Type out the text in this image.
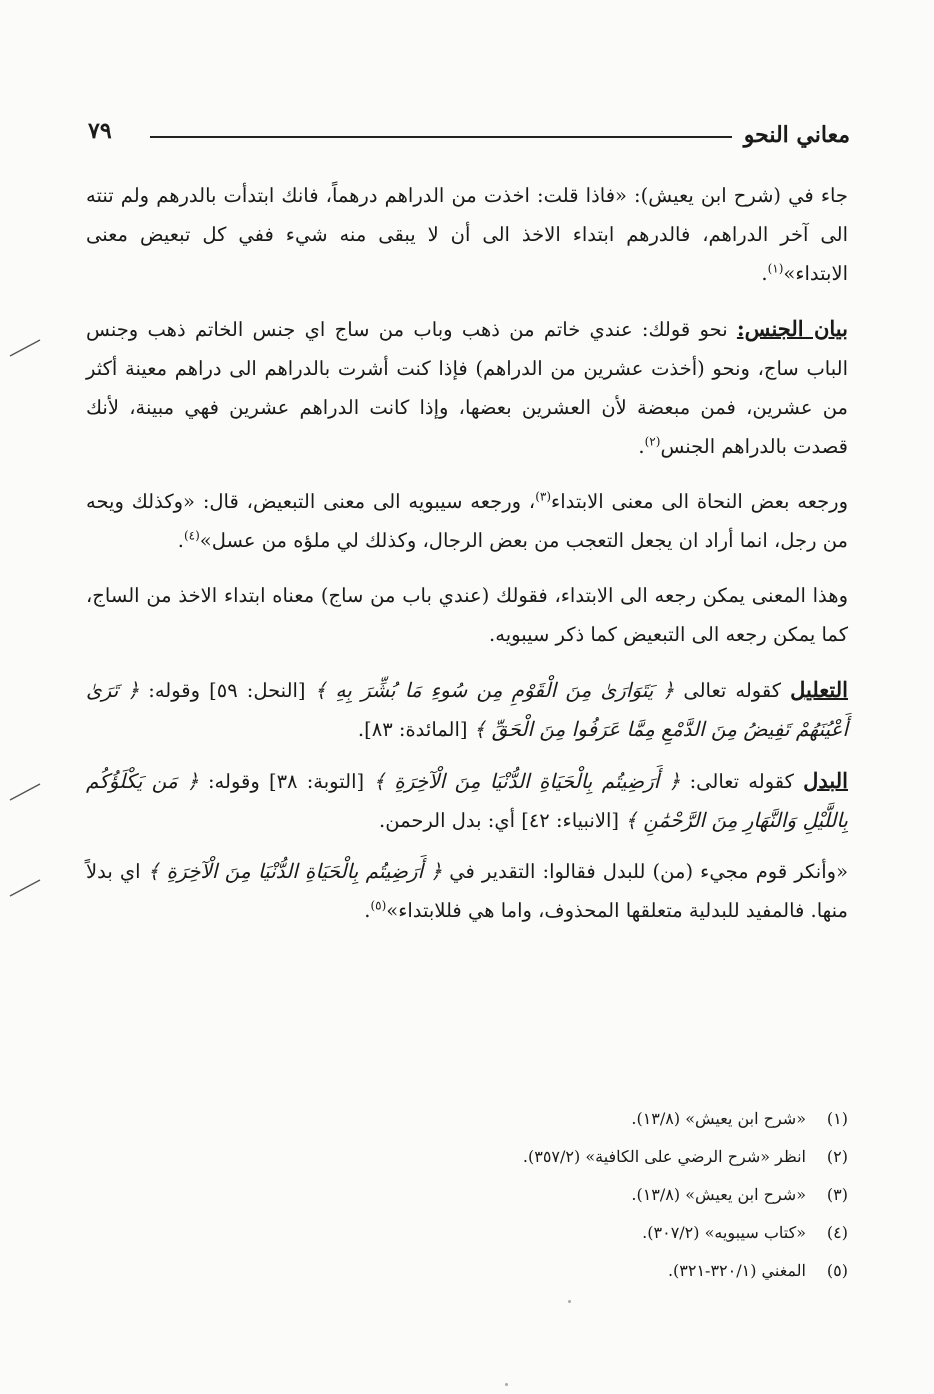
معاني النحو
٧٩

جاء في (شرح ابن يعيش): «فاذا قلت: اخذت من الدراهم درهماً، فانك ابتدأت بالدرهم ولم تنته الى آخر الدراهم، فالدرهم ابتداء الاخذ الى أن لا يبقى منه شيء ففي كل تبعيض معنى الابتداء»$^{(١)}$.

بيان الجنس: نحو قولك: عندي خاتم من ذهب وباب من ساج اي جنس الخاتم ذهب وجنس الباب ساج، ونحو (أخذت عشرين من الدراهم) فإذا كنت أشرت بالدراهم الى دراهم معينة أكثر من عشرين، فمن مبعضة لأن العشرين بعضها، وإذا كانت الدراهم عشرين فهي مبينة، لأنك قصدت بالدراهم الجنس$^{(٢)}$.

ورجعه بعض النحاة الى معنى الابتداء$^{(٣)}$، ورجعه سيبويه الى معنى التبعيض، قال: «وكذلك ويحه من رجل، انما أراد ان يجعل التعجب من بعض الرجال، وكذلك لي ملؤه من عسل»$^{(٤)}$.

وهذا المعنى يمكن رجعه الى الابتداء، فقولك (عندي باب من ساج) معناه ابتداء الاخذ من الساج، كما يمكن رجعه الى التبعيض كما ذكر سيبويه.

التعليل كقوله تعالى ﴿ يَتَوَارَىٰ مِنَ الْقَوْمِ مِن سُوءِ مَا بُشِّرَ بِهِ ﴾ [النحل: ٥٩] وقوله: ﴿ تَرَىٰ أَعْيُنَهُمْ تَفِيضُ مِنَ الدَّمْعِ مِمَّا عَرَفُوا مِنَ الْحَقِّ ﴾ [المائدة: ٨٣].

البدل كقوله تعالى: ﴿ أَرَضِيتُم بِالْحَيَاةِ الدُّنْيَا مِنَ الْآخِرَةِ ﴾ [التوبة: ٣٨] وقوله: ﴿ مَن يَكْلَؤُكُم بِاللَّيْلِ وَالنَّهَارِ مِنَ الرَّحْمَٰنِ ﴾ [الانبياء: ٤٢] أي: بدل الرحمن.

«وأنكر قوم مجيء (من) للبدل فقالوا: التقدير في ﴿ أَرَضِيتُم بِالْحَيَاةِ الدُّنْيَا مِنَ الْآخِرَةِ ﴾ اي بدلاً منها. فالمفيد للبدلية متعلقها المحذوف، واما هي فللابتداء»$^{(٥)}$.

(١)
«شرح ابن يعيش» (١٣/٨).
(٢)
انظر «شرح الرضي على الكافية» (٣٥٧/٢).
(٣)
«شرح ابن يعيش» (١٣/٨).
(٤)
«كتاب سيبويه» (٣٠٧/٢).
(٥)
المغني (٣٢٠/١-٣٢١).
